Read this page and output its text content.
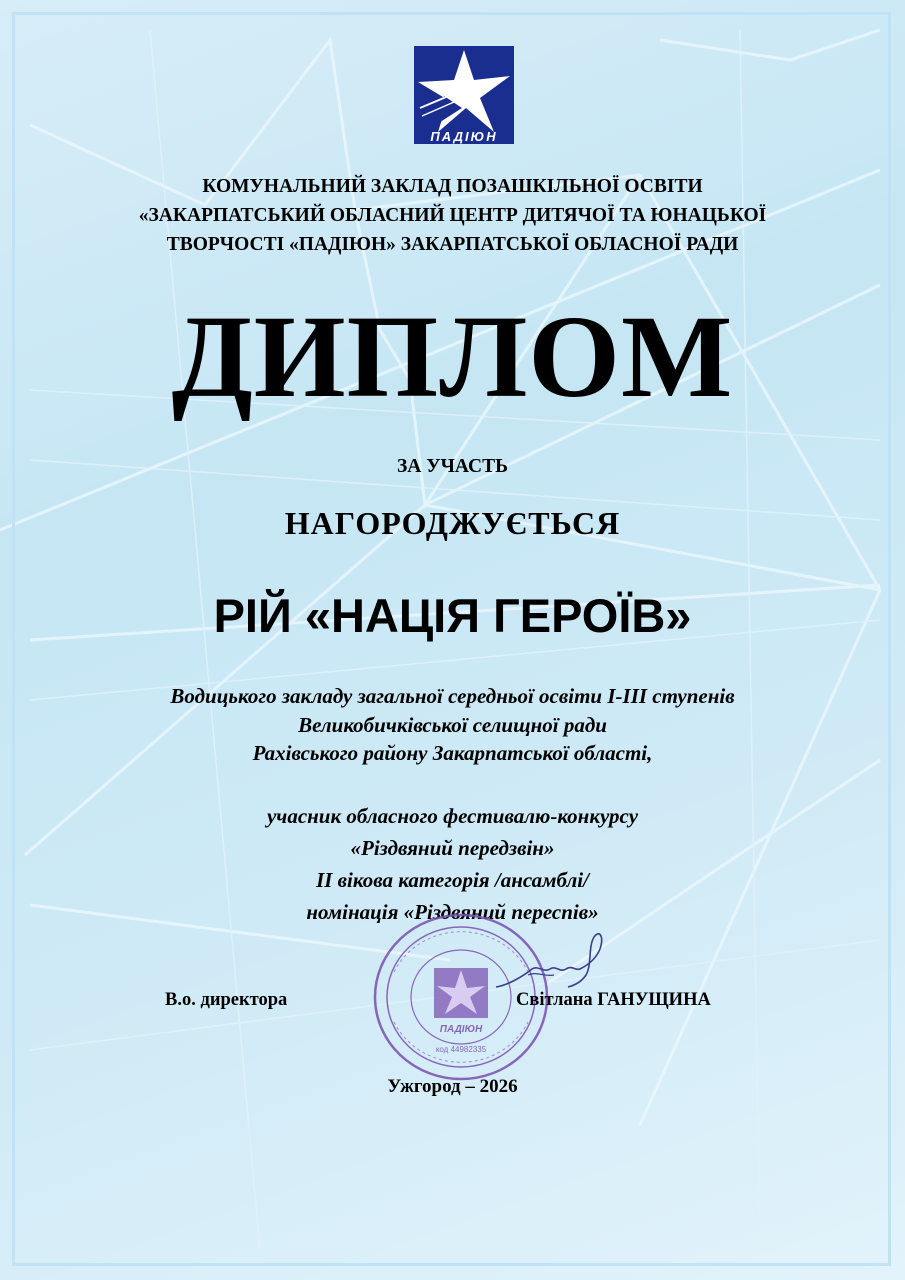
ПАДІЮН
КОМУНАЛЬНИЙ ЗАКЛАД ПОЗАШКІЛЬНОЇ ОСВІТИ
«ЗАКАРПАТСЬКИЙ ОБЛАСНИЙ ЦЕНТР ДИТЯЧОЇ ТА ЮНАЦЬКОЇ
ТВОРЧОСТІ «ПАДІЮН» ЗАКАРПАТСЬКОЇ ОБЛАСНОЇ РАДИ
ДИПЛОМ
ЗА УЧАСТЬ
НАГОРОДЖУЄТЬСЯ
РІЙ «НАЦІЯ ГЕРОЇВ»
Водицького закладу загальної середньої освіти І-ІІІ ступенів
Великобичківської селищної ради
Рахівського району Закарпатської області,
учасник обласного фестивалю-конкурсу
«Різдвяний передзвін»
ІІ вікова категорія /ансамблі/
номінація «Різдвяний переспів»
ПАДІЮН
код 44982335
В.о. директора	Світлана ГАНУЩИНА
Ужгород – 2026
